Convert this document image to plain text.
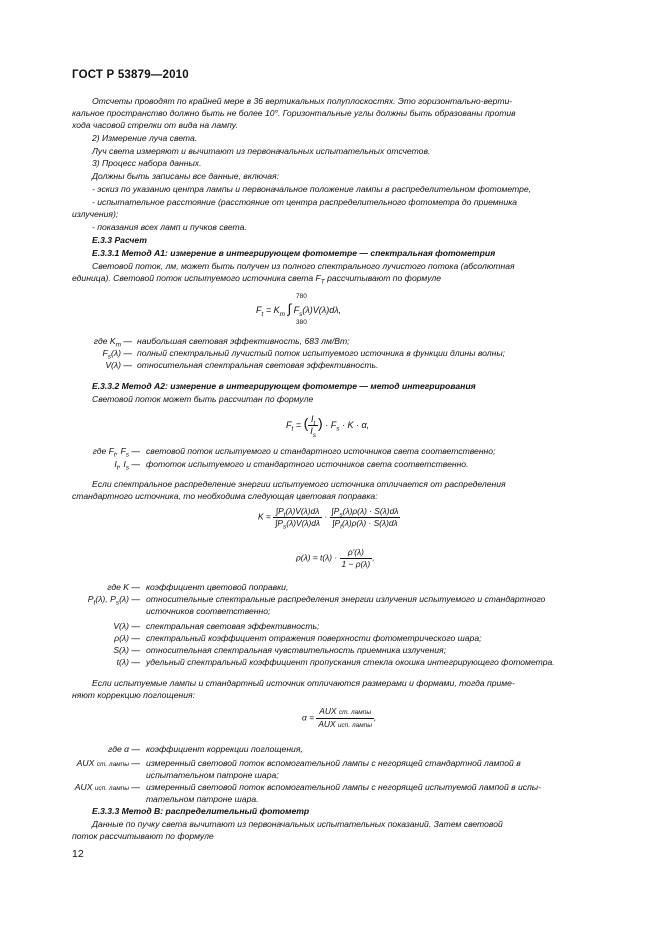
ГОСТ Р 53879—2010
Отсчеты проводят по крайней мере в 36 вертикальных полуплоскостях. Это горизонтально-верти-
кальное пространство должно быть не более 10°. Горизонтальные углы должны быть образованы против
хода часовой стрелки от вида на лампу.
2) Измерение луча света.
Луч света измеряют и вычитают из первоначальных испытательных отсчетов.
3) Процесс набора данных.
Должны быть записаны все данные, включая:
- эскиз по указанию центра лампы и первоначальное положение лампы в распределительном фотометре,
- испытательное расстояние (расстояние от центра распределительного фотометра до приемника
излучения);
- показания всех ламп и пучков света.
Е.3.3 Расчет
Е.3.3.1 Метод А1: измерение в интегрирующем фотометре — спектральная фотометрия
Световой поток, лм, может быть получен из полного спектрального лучистого потока (абсолютная
единица). Световой поток испытуемого источника света $F_T$ рассчитывают по формуле
780
$F_t = K_m$ ∫ $F_s(\lambda)V(\lambda)d\lambda$,
380
где $K_m$ — наибольшая световая эффективность, 683 лм/Вт;
$F_s(\lambda)$ — полный спектральный лучистый поток испытуемого источника в функции длины волны;
V(λ) — относительная спектральная световая эффективность.
Е.3.3.2 Метод А2: измерение в интегрирующем фотометре — метод интегрирования
Световой поток может быть рассчитан по формуле
$F_t$ = ( $\frac{I_t}{I_s}$ ) · $F_s \cdot K \cdot \alpha$,
где $F_t$, $F_s$ — световой поток испытуемого и стандартного источников света соответственно;
$I_t$, $I_s$ — фототок испытуемого и стандартного источников света соответственно.
Если спектральное распределение энергии испытуемого источника отличается от распределения
стандартного источника, то необходима следующая цветовая поправка:
$K = \frac{\int P_t(\lambda)V(\lambda)d\lambda}{\int P_s(\lambda)V(\lambda)d\lambda} \cdot \frac{\int P_s(\lambda)\rho(\lambda) \cdot S(\lambda)d\lambda}{\int P_t(\lambda)\rho(\lambda) \cdot S(\lambda)d\lambda}$
$\rho(\lambda) = t(\lambda) \cdot \frac{\rho'(\lambda)}{1 - \rho(\lambda)}$ ,
где K — коэффициент цветовой поправки,
$P_t(\lambda)$, $P_s(\lambda)$ — относительные спектральные распределения энергии излучения испытуемого и стандартного
источников соответственно;
V(λ) — спектральная световая эффективность;
ρ(λ) — спектральный коэффициент отражения поверхности фотометрического шара;
S(λ) — относительная спектральная чувствительность приемника излучения;
t(λ) — удельный спектральный коэффициент пропускания стекла окошка интегрирующего фотометра.
Если испытуемые лампы и стандартный источник отличаются размерами и формами, тогда приме-
няют коррекцию поглощения:
$\alpha = \frac{\text{AUX ст. лампы}}{\text{AUX исп. лампы}}$ ,
где α — коэффициент коррекции поглощения,
AUX ст. лампы — измеренный световой поток вспомогательной лампы с негорящей стандартной лампой в
испытательном патроне шара;
AUX исп. лампы — измеренный световой поток вспомогательной лампы с негорящей испытуемой лампой в испы-
тательном патроне шара.
Е.3.3.3 Метод В: распределительный фотометр
Данные по пучку света вычитают из первоначальных испытательных показаний. Затем световой
поток рассчитывают по формуле
12
